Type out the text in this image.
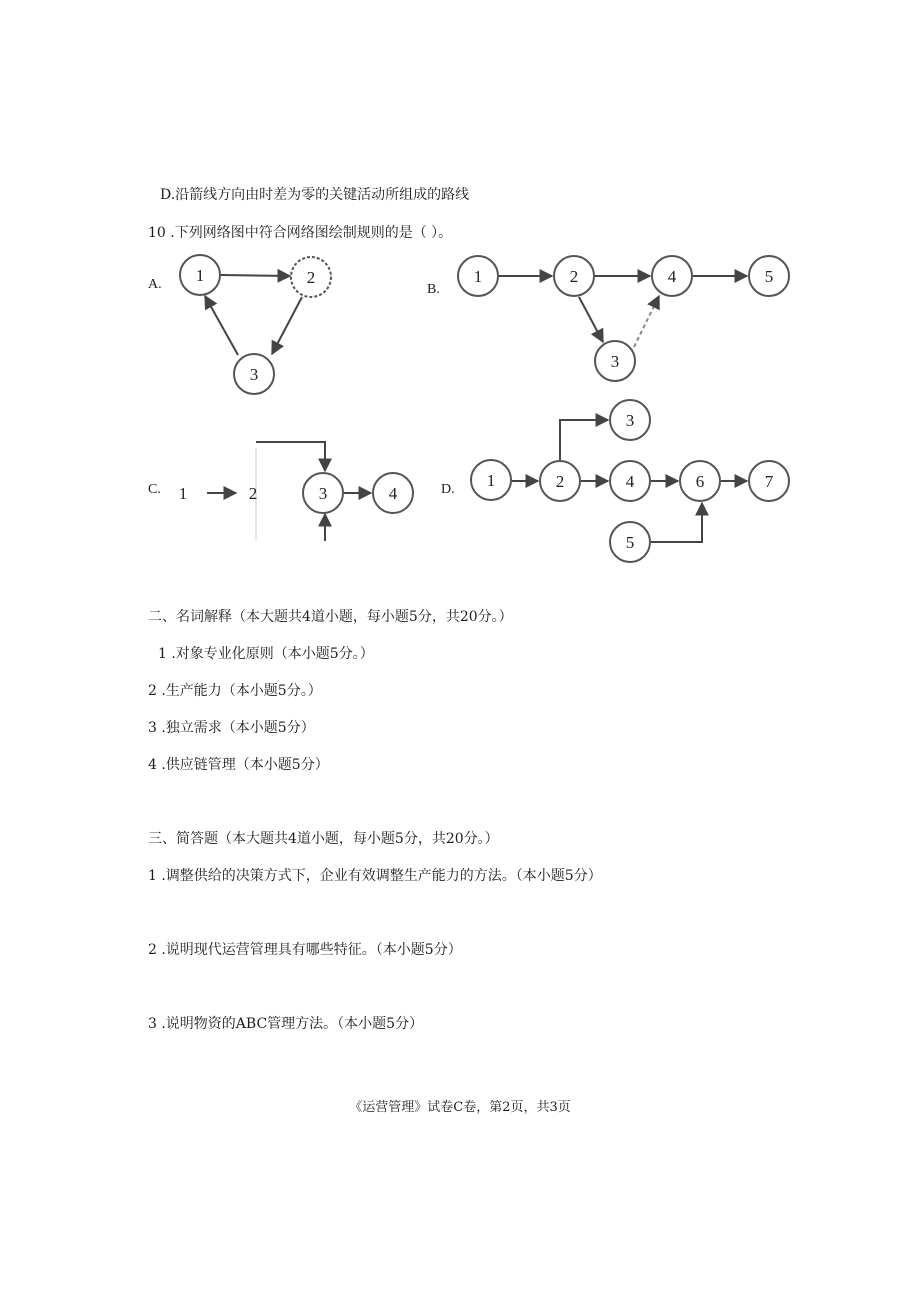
D.沿箭线方向由时差为零的关键活动所组成的路线
10 .下列网络图中符合网络图绘制规则的是（ ）。
A.	B.
C.	D.
1	2
3
1	2	4	5
3
1	2	3	4
1	2	4	6	7
3
5
二、名词解释（本大题共4道小题，每小题5分，共20分。）
1 .对象专业化原则（本小题5分。）
2 .生产能力（本小题5分。）
3 .独立需求（本小题5分）
4 .供应链管理（本小题5分）
三、简答题（本大题共4道小题，每小题5分，共20分。）
1 .调整供给的决策方式下，企业有效调整生产能力的方法。（本小题5分）
2 .说明现代运营管理具有哪些特征。（本小题5分）
3 .说明物资的ABC管理方法。（本小题5分）
《运营管理》试卷C卷，第2页，共3页
